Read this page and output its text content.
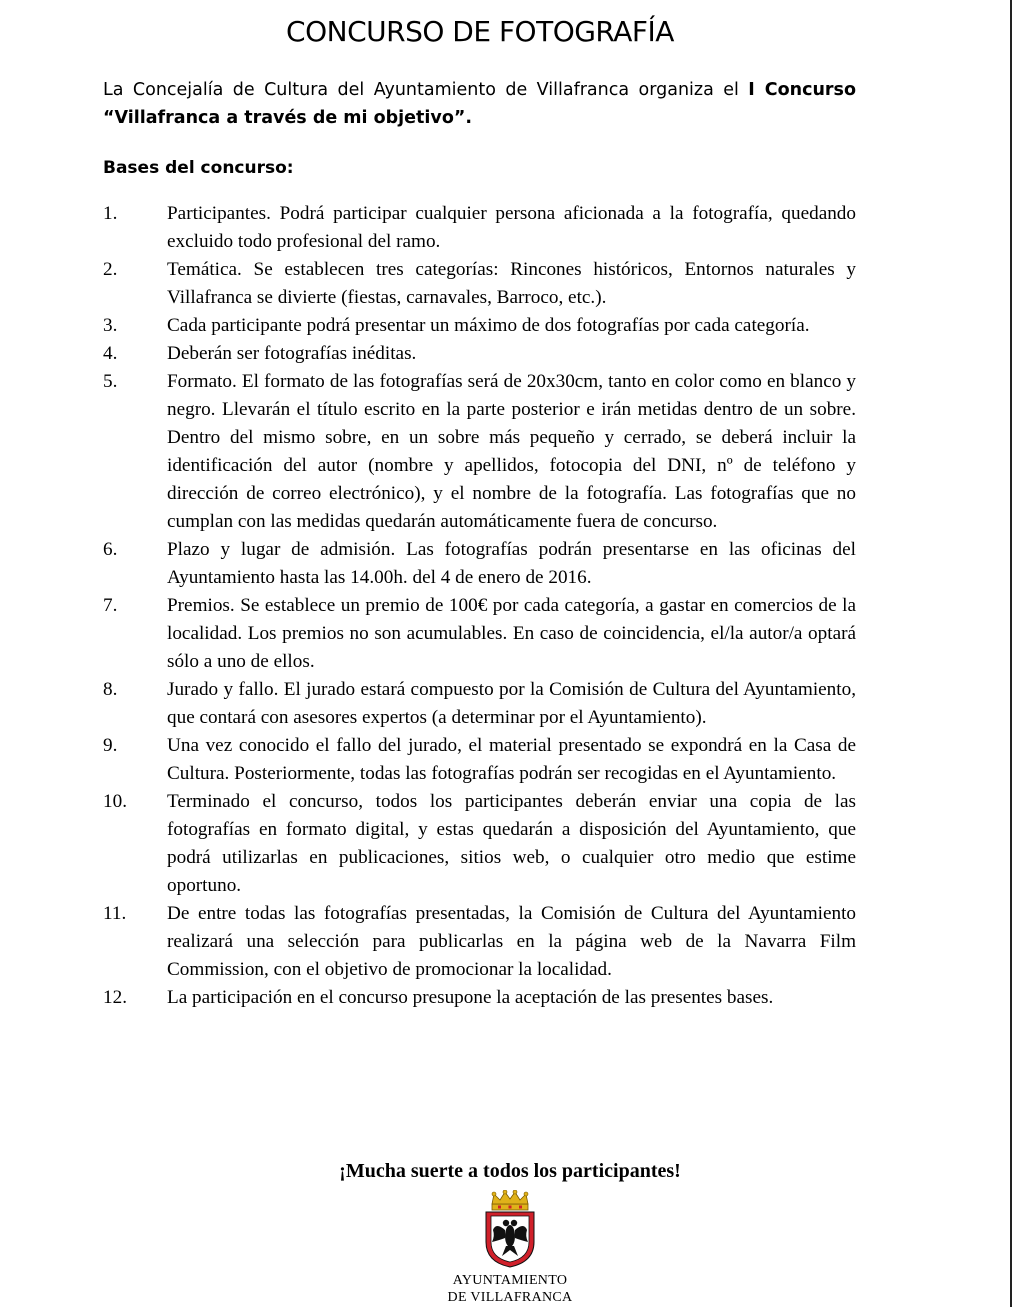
CONCURSO DE FOTOGRAFÍA
La Concejalía de Cultura del Ayuntamiento de Villafranca organiza el I Concurso “Villafranca a través de mi objetivo”.
Bases del concurso:
1.	Participantes. Podrá participar cualquier persona aficionada a la fotografía, quedando excluido todo profesional del ramo.
2.	Temática. Se establecen tres categorías: Rincones históricos, Entornos naturales y Villafranca se divierte (fiestas, carnavales, Barroco, etc.).
3.	Cada participante podrá presentar un máximo de dos fotografías por cada categoría.
4.	Deberán ser fotografías inéditas.
5.	Formato. El formato de las fotografías será de 20x30cm, tanto en color como en blanco y negro. Llevarán el título escrito en la parte posterior e irán metidas dentro de un sobre. Dentro del mismo sobre, en un sobre más pequeño y cerrado, se deberá incluir la identificación del autor (nombre y apellidos, fotocopia del DNI, nº de teléfono y dirección de correo electrónico), y el nombre de la fotografía. Las fotografías que no cumplan con las medidas quedarán automáticamente fuera de concurso.
6.	Plazo y lugar de admisión. Las fotografías podrán presentarse en las oficinas del Ayuntamiento hasta las 14.00h. del 4 de enero de 2016.
7.	Premios. Se establece un premio de 100€ por cada categoría, a gastar en comercios de la localidad. Los premios no son acumulables. En caso de coincidencia, el/la autor/a optará sólo a uno de ellos.
8.	Jurado y fallo. El jurado estará compuesto por la Comisión de Cultura del Ayuntamiento, que contará con asesores expertos (a determinar por el Ayuntamiento).
9.	Una vez conocido el fallo del jurado, el material presentado se expondrá en la Casa de Cultura. Posteriormente, todas las fotografías podrán ser recogidas en el Ayuntamiento.
10.	Terminado el concurso, todos los participantes deberán enviar una copia de las fotografías en formato digital, y estas quedarán a disposición del Ayuntamiento, que podrá utilizarlas en publicaciones, sitios web, o cualquier otro medio que estime oportuno.
11.	De entre todas las fotografías presentadas, la Comisión de Cultura del Ayuntamiento realizará una selección para publicarlas en la página web de la Navarra Film Commission, con el objetivo de promocionar la localidad.
12.	La participación en el concurso presupone la aceptación de las presentes bases.
¡Mucha suerte a todos los participantes!
AYUNTAMIENTO
DE VILLAFRANCA
